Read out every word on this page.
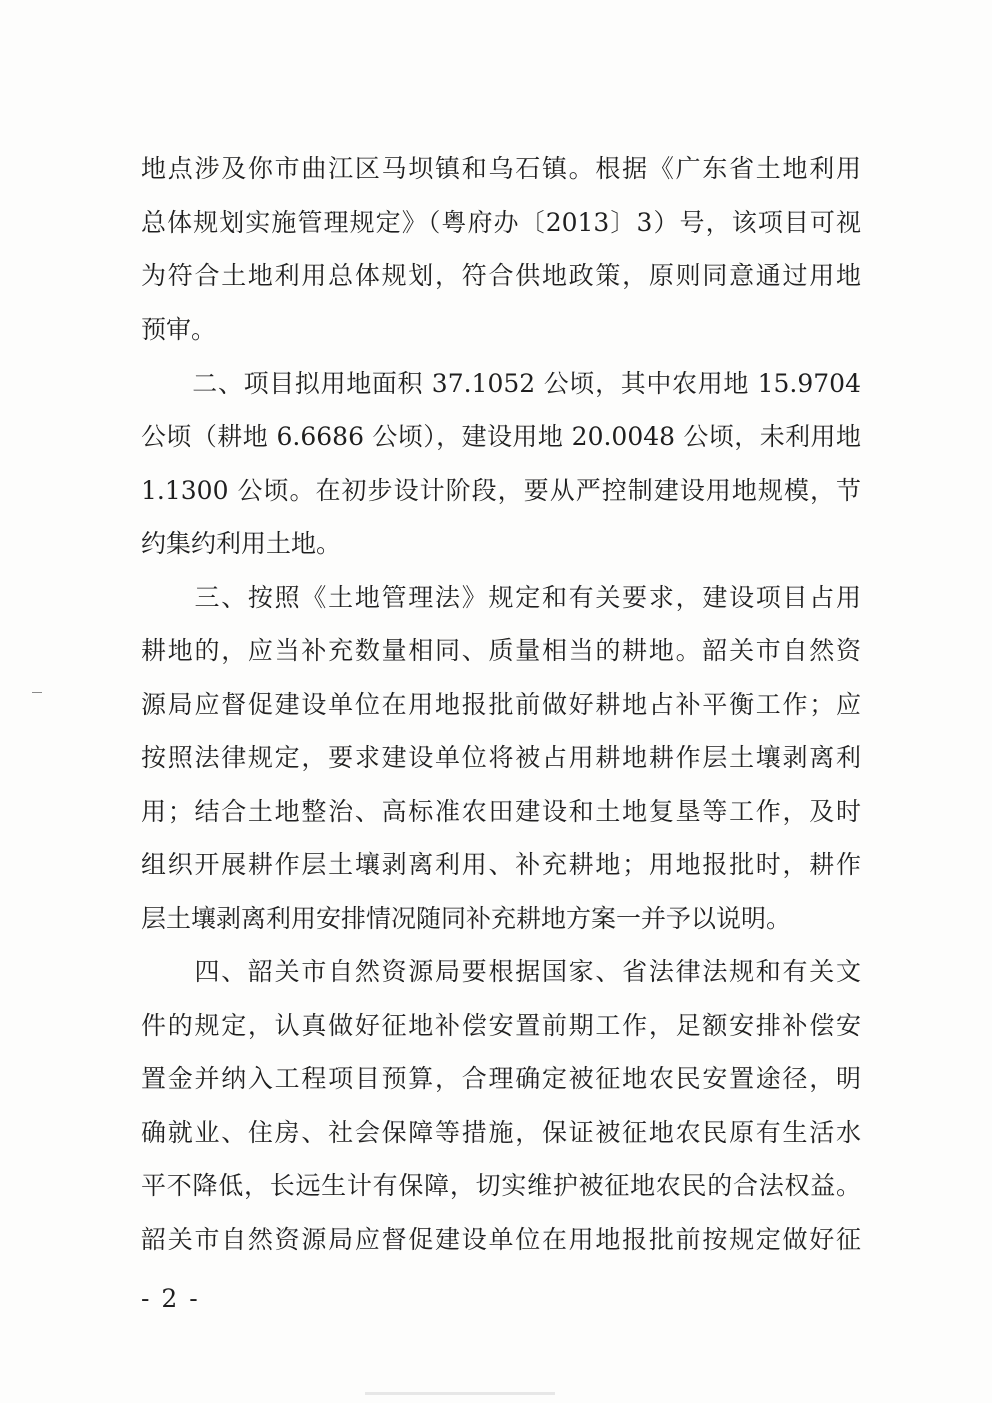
地点涉及你市曲江区马坝镇和乌石镇。根据《广东省土地利用
总体规划实施管理规定》（粤府办〔2013〕3）号，该项目可视
为符合土地利用总体规划，符合供地政策，原则同意通过用地
预审。
　　二、项目拟用地面积 37.1052 公顷，其中农用地 15.9704
公顷（耕地 6.6686 公顷），建设用地 20.0048 公顷，未利用地
1.1300 公顷。在初步设计阶段，要从严控制建设用地规模，节
约集约利用土地。
　　三、按照《土地管理法》规定和有关要求，建设项目占用
耕地的，应当补充数量相同、质量相当的耕地。韶关市自然资
源局应督促建设单位在用地报批前做好耕地占补平衡工作；应
按照法律规定，要求建设单位将被占用耕地耕作层土壤剥离利
用；结合土地整治、高标准农田建设和土地复垦等工作，及时
组织开展耕作层土壤剥离利用、补充耕地；用地报批时，耕作
层土壤剥离利用安排情况随同补充耕地方案一并予以说明。
　　四、韶关市自然资源局要根据国家、省法律法规和有关文
件的规定，认真做好征地补偿安置前期工作，足额安排补偿安
置金并纳入工程项目预算，合理确定被征地农民安置途径，明
确就业、住房、社会保障等措施，保证被征地农民原有生活水
平不降低，长远生计有保障，切实维护被征地农民的合法权益。
韶关市自然资源局应督促建设单位在用地报批前按规定做好征
- 2 -
